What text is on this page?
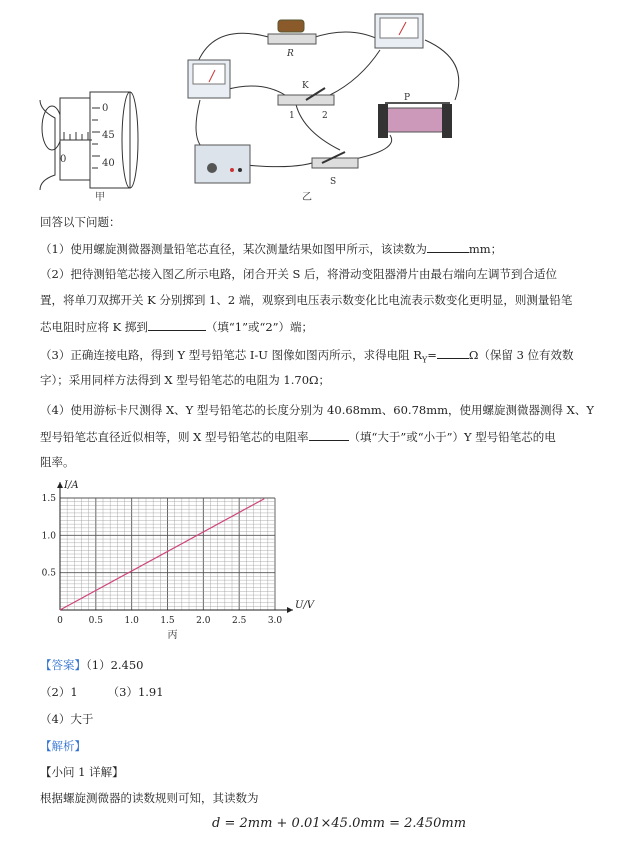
0
45
40
0
甲
R
K
1	2
P
S
乙
回答以下问题：
（1）使用螺旋测微器测量铅笔芯直径，某次测量结果如图甲所示，该读数为	mm；
（2）把待测铅笔芯接入图乙所示电路，闭合开关 S 后，将滑动变阻器滑片由最右端向左调节到合适位
置，将单刀双掷开关 K 分别掷到 1、2 端，观察到电压表示数变化比电流表示数变化更明显，则测量铅笔
芯电阻时应将 K 掷到	（填“1”或“2”）端；
（3）正确连接电路，得到 Y 型号铅笔芯 I-U 图像如图丙所示，求得电阻 $R_Y=$	Ω（保留 3 位有效数
字）；采用同样方法得到 X 型号铅笔芯的电阻为 1.70Ω；
（4）使用游标卡尺测得 X、Y 型号铅笔芯的长度分别为 40.68mm、60.78mm，使用螺旋测微器测得 X、Y
型号铅笔芯直径近似相等，则 X 型号铅笔芯的电阻率	（填“大于”或“小于”）Y 型号铅笔芯的电
阻率。
0	0.5 1.0 1.5 2.0 2.5 3.0
0.5
1.0
1.5
U/V
I/A
丙
【答案】（1）2.450
（2）1	（3）1.91
（4）大于
【解析】
【小问 1 详解】
根据螺旋测微器的读数规则可知，其读数为
d = 2mm + 0.01×45.0mm = 2.450mm
